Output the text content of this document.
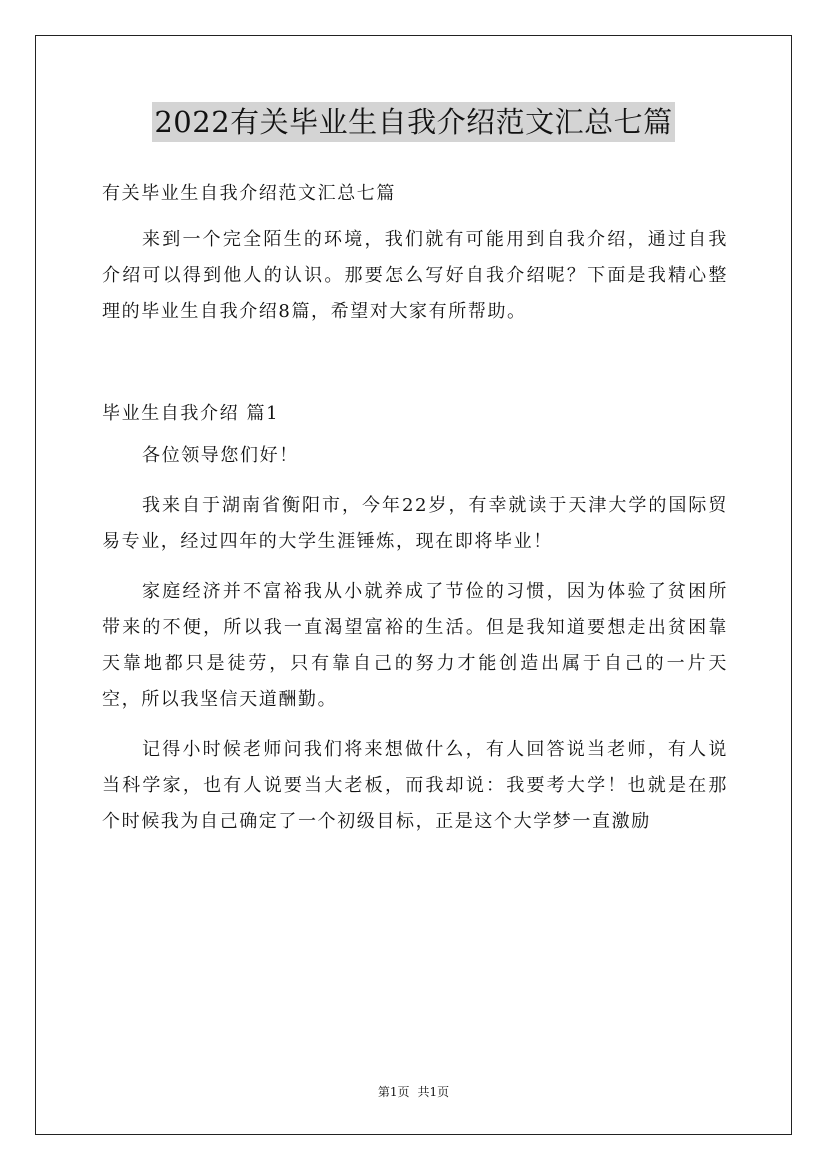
2022有关毕业生自我介绍范文汇总七篇

有关毕业生自我介绍范文汇总七篇

来到一个完全陌生的环境，我们就有可能用到自我介绍，通过自我介绍可以得到他人的认识。那要怎么写好自我介绍呢？下面是我精心整理的毕业生自我介绍8篇，希望对大家有所帮助。

毕业生自我介绍 篇1

各位领导您们好！

我来自于湖南省衡阳市，今年22岁，有幸就读于天津大学的国际贸易专业，经过四年的大学生涯锤炼，现在即将毕业！

家庭经济并不富裕我从小就养成了节俭的习惯，因为体验了贫困所带来的不便，所以我一直渴望富裕的生活。但是我知道要想走出贫困靠天靠地都只是徒劳，只有靠自己的努力才能创造出属于自己的一片天空，所以我坚信天道酬勤。

记得小时候老师问我们将来想做什么，有人回答说当老师，有人说当科学家，也有人说要当大老板，而我却说：我要考大学！也就是在那个时候我为自己确定了一个初级目标，正是这个大学梦一直激励

第1页 共1页
